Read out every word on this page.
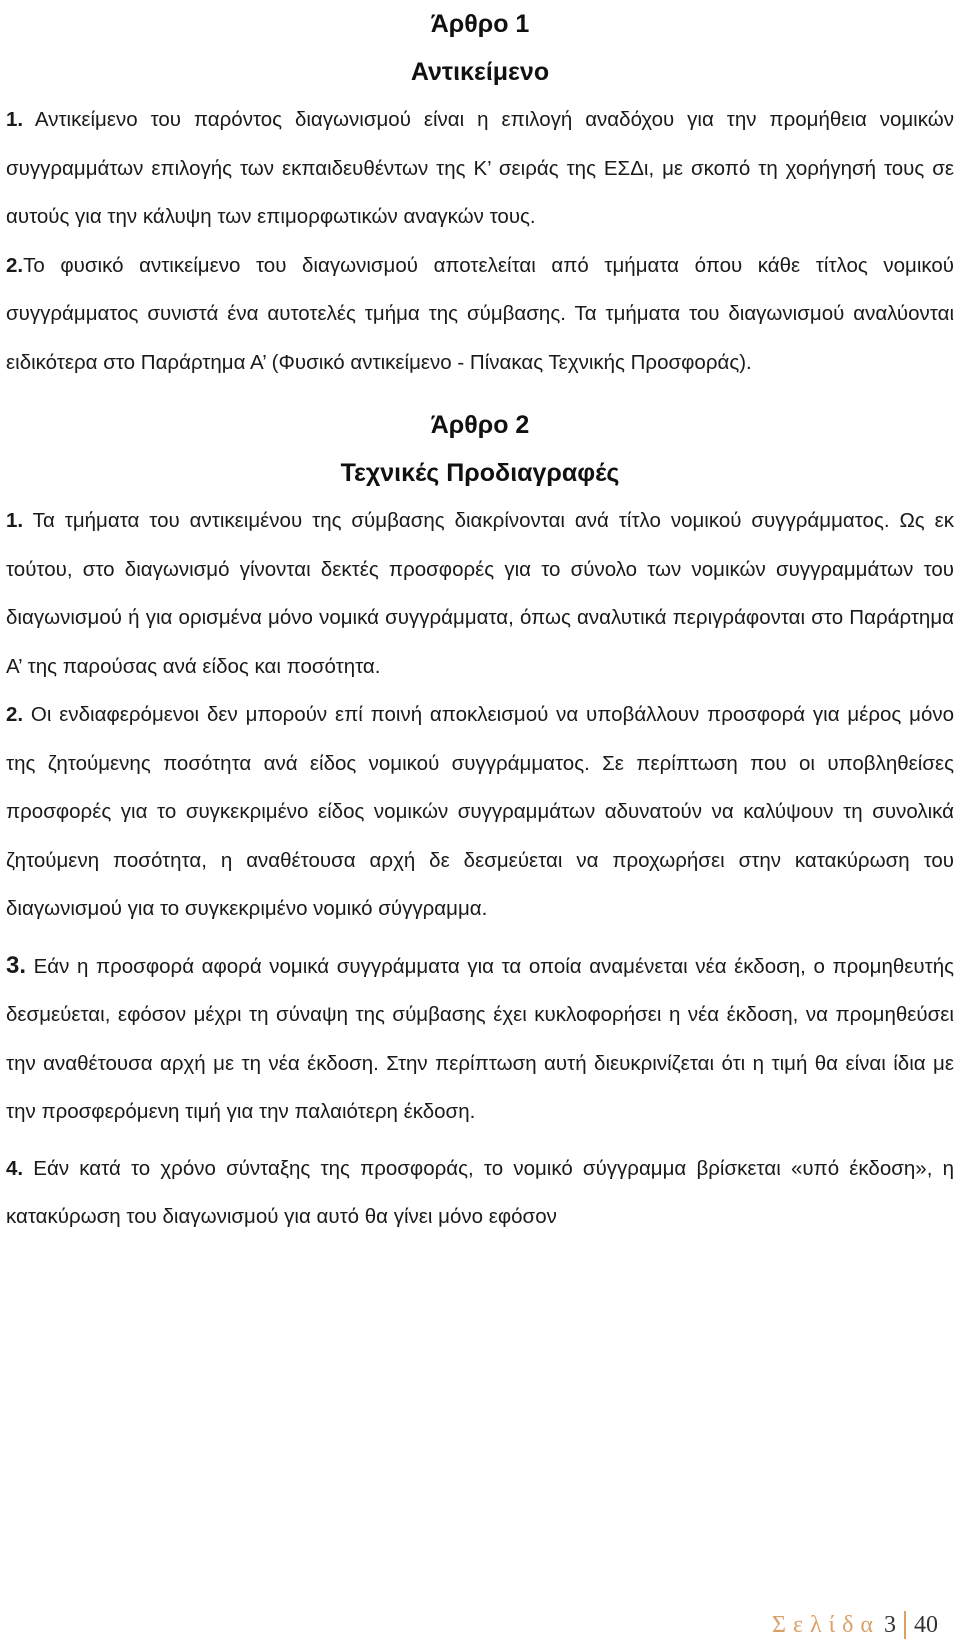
Άρθρο 1
Αντικείμενο

1. Αντικείμενο του παρόντος διαγωνισμού είναι η επιλογή αναδόχου για την προμήθεια νομικών συγγραμμάτων επιλογής των εκπαιδευθέντων της Κ’ σειράς της ΕΣΔι, με σκοπό τη χορήγησή τους σε αυτούς για την κάλυψη των επιμορφωτικών αναγκών τους.

2.Το φυσικό αντικείμενο του διαγωνισμού αποτελείται από τμήματα όπου κάθε τίτλος νομικού συγγράμματος συνιστά ένα αυτοτελές τμήμα της σύμβασης. Τα τμήματα του διαγωνισμού αναλύονται ειδικότερα στο Παράρτημα Α’ (Φυσικό αντικείμενο - Πίνακας Τεχνικής Προσφοράς).

Άρθρο 2
Τεχνικές Προδιαγραφές

1. Τα τμήματα του αντικειμένου της σύμβασης διακρίνονται ανά τίτλο νομικού συγγράμματος. Ως εκ τούτου, στο διαγωνισμό γίνονται δεκτές προσφορές για το σύνολο των νομικών συγγραμμάτων του διαγωνισμού ή για ορισμένα μόνο νομικά συγγράμματα, όπως αναλυτικά περιγράφονται στο Παράρτημα Α’ της παρούσας ανά είδος και ποσότητα.

2. Οι ενδιαφερόμενοι δεν μπορούν επί ποινή αποκλεισμού να υποβάλλουν προσφορά για μέρος μόνο της ζητούμενης ποσότητα ανά είδος νομικού συγγράμματος. Σε περίπτωση που οι υποβληθείσες προσφορές για το συγκεκριμένο είδος νομικών συγγραμμάτων αδυνατούν να καλύψουν τη συνολικά ζητούμενη ποσότητα, η αναθέτουσα αρχή δε δεσμεύεται να προχωρήσει στην κατακύρωση του διαγωνισμού για το συγκεκριμένο νομικό σύγγραμμα.

3. Εάν η προσφορά αφορά νομικά συγγράμματα για τα οποία αναμένεται νέα έκδοση, ο προμηθευτής δεσμεύεται, εφόσον μέχρι τη σύναψη της σύμβασης έχει κυκλοφορήσει η νέα έκδοση, να προμηθεύσει την αναθέτουσα αρχή με τη νέα έκδοση. Στην περίπτωση αυτή διευκρινίζεται ότι η τιμή θα είναι ίδια με την προσφερόμενη τιμή για την παλαιότερη έκδοση.

4. Εάν κατά το χρόνο σύνταξης της προσφοράς, το νομικό σύγγραμμα βρίσκεται «υπό έκδοση», η κατακύρωση του διαγωνισμού για αυτό θα γίνει μόνο εφόσον

Σελίδα 3 40
